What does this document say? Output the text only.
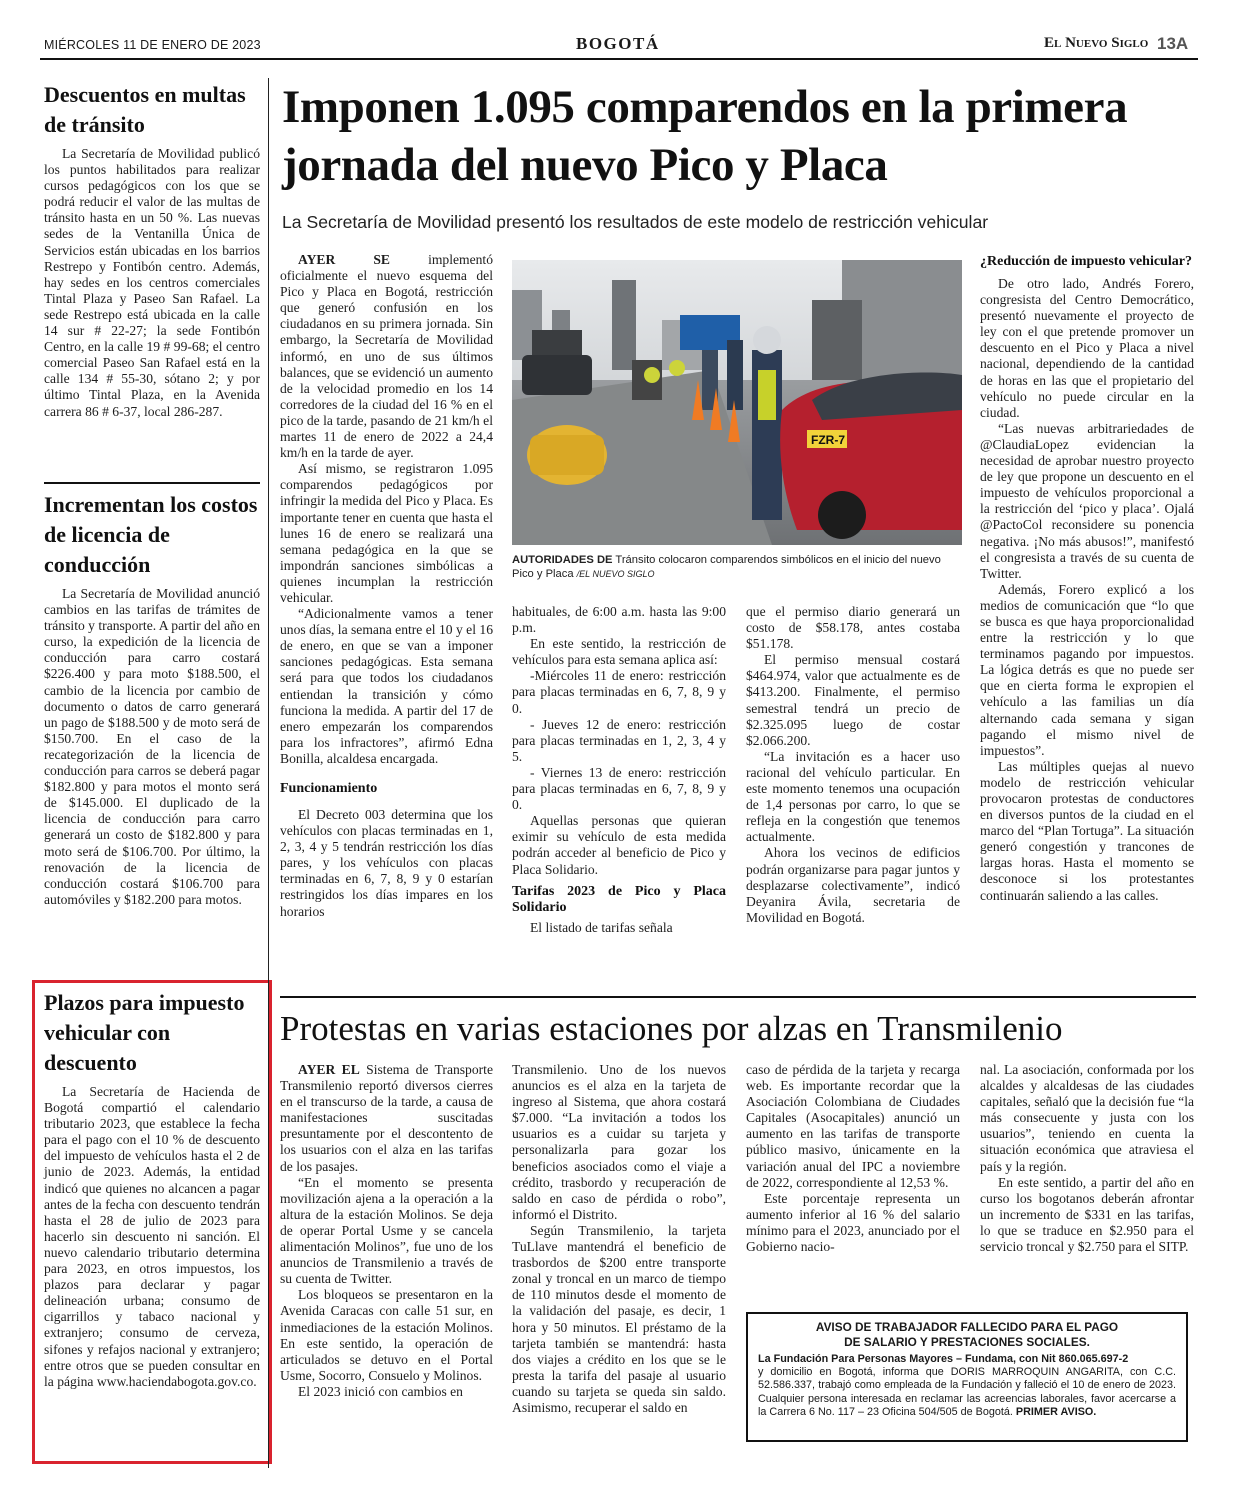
MIÉRCOLES 11 DE ENERO DE 2023	BOGOTÁ	El Nuevo Siglo 13A
Descuentos en multas de tránsito

La Secretaría de Movilidad publicó los puntos habilitados para realizar cursos pedagógicos con los que se podrá reducir el valor de las multas de tránsito hasta en un 50 %. Las nuevas sedes de la Ventanilla Única de Servicios están ubicadas en los barrios Restrepo y Fontibón centro. Además, hay sedes en los centros comerciales Tintal Plaza y Paseo San Rafael. La sede Restrepo está ubicada en la calle 14 sur # 22-27; la sede Fontibón Centro, en la calle 19 # 99-68; el centro comercial Paseo San Rafael está en la calle 134 # 55-30, sótano 2; y por último Tintal Plaza, en la Avenida carrera 86 # 6-37, local 286-287.

Incrementan los costos de licencia de conducción

La Secretaría de Movilidad anunció cambios en las tarifas de trámites de tránsito y transporte. A partir del año en curso, la expedición de la licencia de conducción para carro costará $226.400 y para moto $188.500, el cambio de la licencia por cambio de documento o datos de carro generará un pago de $188.500 y de moto será de $150.700. En el caso de la recategorización de la licencia de conducción para carros se deberá pagar $182.800 y para motos el monto será de $145.000. El duplicado de la licencia de conducción para carro generará un costo de $182.800 y para moto será de $106.700. Por último, la renovación de la licencia de conducción costará $106.700 para automóviles y $182.200 para motos.

Plazos para impuesto vehicular con descuento

La Secretaría de Hacienda de Bogotá compartió el calendario tributario 2023, que establece la fecha para el pago con el 10 % de descuento del impuesto de vehículos hasta el 2 de junio de 2023. Además, la entidad indicó que quienes no alcancen a pagar antes de la fecha con descuento tendrán hasta el 28 de julio de 2023 para hacerlo sin descuento ni sanción. El nuevo calendario tributario determina para 2023, en otros impuestos, los plazos para declarar y pagar delineación urbana; consumo de cigarrillos y tabaco nacional y extranjero; consumo de cerveza, sifones y refajos nacional y extranjero; entre otros que se pueden consultar en la página www.haciendabogota.gov.co.

Imponen 1.095 comparendos en la primera jornada del nuevo Pico y Placa
La Secretaría de Movilidad presentó los resultados de este modelo de restricción vehicular

AYER SE implementó oficialmente el nuevo esquema del Pico y Placa en Bogotá, restricción que generó confusión en los ciudadanos en su primera jornada. Sin embargo, la Secretaría de Movilidad informó, en uno de sus últimos balances, que se evidenció un aumento de la velocidad promedio en los 14 corredores de la ciudad del 16 % en el pico de la tarde, pasando de 21 km/h el martes 11 de enero de 2022 a 24,4 km/h en la tarde de ayer.

Así mismo, se registraron 1.095 comparendos pedagógicos por infringir la medida del Pico y Placa. Es importante tener en cuenta que hasta el lunes 16 de enero se realizará una semana pedagógica en la que se impondrán sanciones simbólicas a quienes incumplan la restricción vehicular.

“Adicionalmente vamos a tener unos días, la semana entre el 10 y el 16 de enero, en que se van a imponer sanciones pedagógicas. Esta semana será para que todos los ciudadanos entiendan la transición y cómo funciona la medida. A partir del 17 de enero empezarán los comparendos para los infractores”, afirmó Edna Bonilla, alcaldesa encargada.

Funcionamiento

El Decreto 003 determina que los vehículos con placas terminadas en 1, 2, 3, 4 y 5 tendrán restricción los días pares, y los vehículos con placas terminadas en 6, 7, 8, 9 y 0 estarían restringidos los días impares en los horarios

FZR-7
AUTORIDADES DE Tránsito colocaron comparendos simbólicos en el inicio del nuevo Pico y Placa /EL NUEVO SIGLO

habituales, de 6:00 a.m. hasta las 9:00 p.m.

En este sentido, la restricción de vehículos para esta semana aplica así:

-Miércoles 11 de enero: restricción para placas terminadas en 6, 7, 8, 9 y 0.

- Jueves 12 de enero: restricción para placas terminadas en 1, 2, 3, 4 y 5.

- Viernes 13 de enero: restricción para placas terminadas en 6, 7, 8, 9 y 0.

Aquellas personas que quieran eximir su vehículo de esta medida podrán acceder al beneficio de Pico y Placa Solidario.

Tarifas 2023 de Pico y Placa Solidario

El listado de tarifas señala

que el permiso diario generará un costo de $58.178, antes costaba $51.178.

El permiso mensual costará $464.974, valor que actualmente es de $413.200. Finalmente, el permiso semestral tendrá un precio de $2.325.095 luego de costar $2.066.200.

“La invitación es a hacer uso racional del vehículo particular. En este momento tenemos una ocupación de 1,4 personas por carro, lo que se refleja en la congestión que tenemos actualmente.

Ahora los vecinos de edificios podrán organizarse para pagar juntos y desplazarse colectivamente”, indicó Deyanira Ávila, secretaria de Movilidad en Bogotá.

¿Reducción de impuesto vehicular?

De otro lado, Andrés Forero, congresista del Centro Democrático, presentó nuevamente el proyecto de ley con el que pretende promover un descuento en el Pico y Placa a nivel nacional, dependiendo de la cantidad de horas en las que el propietario del vehículo no puede circular en la ciudad.

“Las nuevas arbitrariedades de @ClaudiaLopez evidencian la necesidad de aprobar nuestro proyecto de ley que propone un descuento en el impuesto de vehículos proporcional a la restricción del ‘pico y placa’. Ojalá @PactoCol reconsidere su ponencia negativa. ¡No más abusos!”, manifestó el congresista a través de su cuenta de Twitter.

Además, Forero explicó a los medios de comunicación que “lo que se busca es que haya proporcionalidad entre la restricción y lo que terminamos pagando por impuestos. La lógica detrás es que no puede ser que en cierta forma le expropien el vehículo a las familias un día alternando cada semana y sigan pagando el mismo nivel de impuestos”.

Las múltiples quejas al nuevo modelo de restricción vehicular provocaron protestas de conductores en diversos puntos de la ciudad en el marco del “Plan Tortuga”. La situación generó congestión y trancones de largas horas. Hasta el momento se desconoce si los protestantes continuarán saliendo a las calles.

Protestas en varias estaciones por alzas en Transmilenio

AYER EL Sistema de Transporte Transmilenio reportó diversos cierres en el transcurso de la tarde, a causa de manifestaciones suscitadas presuntamente por el descontento de los usuarios con el alza en las tarifas de los pasajes.

“En el momento se presenta movilización ajena a la operación a la altura de la estación Molinos. Se deja de operar Portal Usme y se cancela alimentación Molinos”, fue uno de los anuncios de Transmilenio a través de su cuenta de Twitter.

Los bloqueos se presentaron en la Avenida Caracas con calle 51 sur, en inmediaciones de la estación Molinos. En este sentido, la operación de articulados se detuvo en el Portal Usme, Socorro, Consuelo y Molinos.

El 2023 inició con cambios en

Transmilenio. Uno de los nuevos anuncios es el alza en la tarjeta de ingreso al Sistema, que ahora costará $7.000. “La invitación a todos los usuarios es a cuidar su tarjeta y personalizarla para gozar los beneficios asociados como el viaje a crédito, trasbordo y recuperación de saldo en caso de pérdida o robo”, informó el Distrito.

Según Transmilenio, la tarjeta TuLlave mantendrá el beneficio de trasbordos de $200 entre transporte zonal y troncal en un marco de tiempo de 110 minutos desde el momento de la validación del pasaje, es decir, 1 hora y 50 minutos. El préstamo de la tarjeta también se mantendrá: hasta dos viajes a crédito en los que se le presta la tarifa del pasaje al usuario cuando su tarjeta se queda sin saldo. Asimismo, recuperar el saldo en

caso de pérdida de la tarjeta y recarga web. Es importante recordar que la Asociación Colombiana de Ciudades Capitales (Asocapitales) anunció un aumento en las tarifas de transporte público masivo, únicamente en la variación anual del IPC a noviembre de 2022, correspondiente al 12,53 %.

Este porcentaje representa un aumento inferior al 16 % del salario mínimo para el 2023, anunciado por el Gobierno nacio-

nal. La asociación, conformada por los alcaldes y alcaldesas de las ciudades capitales, señaló que la decisión fue “la más consecuente y justa con los usuarios”, teniendo en cuenta la situación económica que atraviesa el país y la región.

En este sentido, a partir del año en curso los bogotanos deberán afrontar un incremento de $331 en las tarifas, lo que se traduce en $2.950 para el servicio troncal y $2.750 para el SITP.

AVISO DE TRABAJADOR FALLECIDO PARA EL PAGO
DE SALARIO Y PRESTACIONES SOCIALES.
La Fundación Para Personas Mayores – Fundama, con Nit 860.065.697-2
y domicilio en Bogotá, informa que DORIS MARROQUIN ANGARITA, con C.C. 52.586.337, trabajó como empleada de la Fundación y falleció el 10 de enero de 2023. Cualquier persona interesada en reclamar las acreencias laborales, favor acercarse a la Carrera 6 No. 117 – 23 Oficina 504/505 de Bogotá. PRIMER AVISO.
